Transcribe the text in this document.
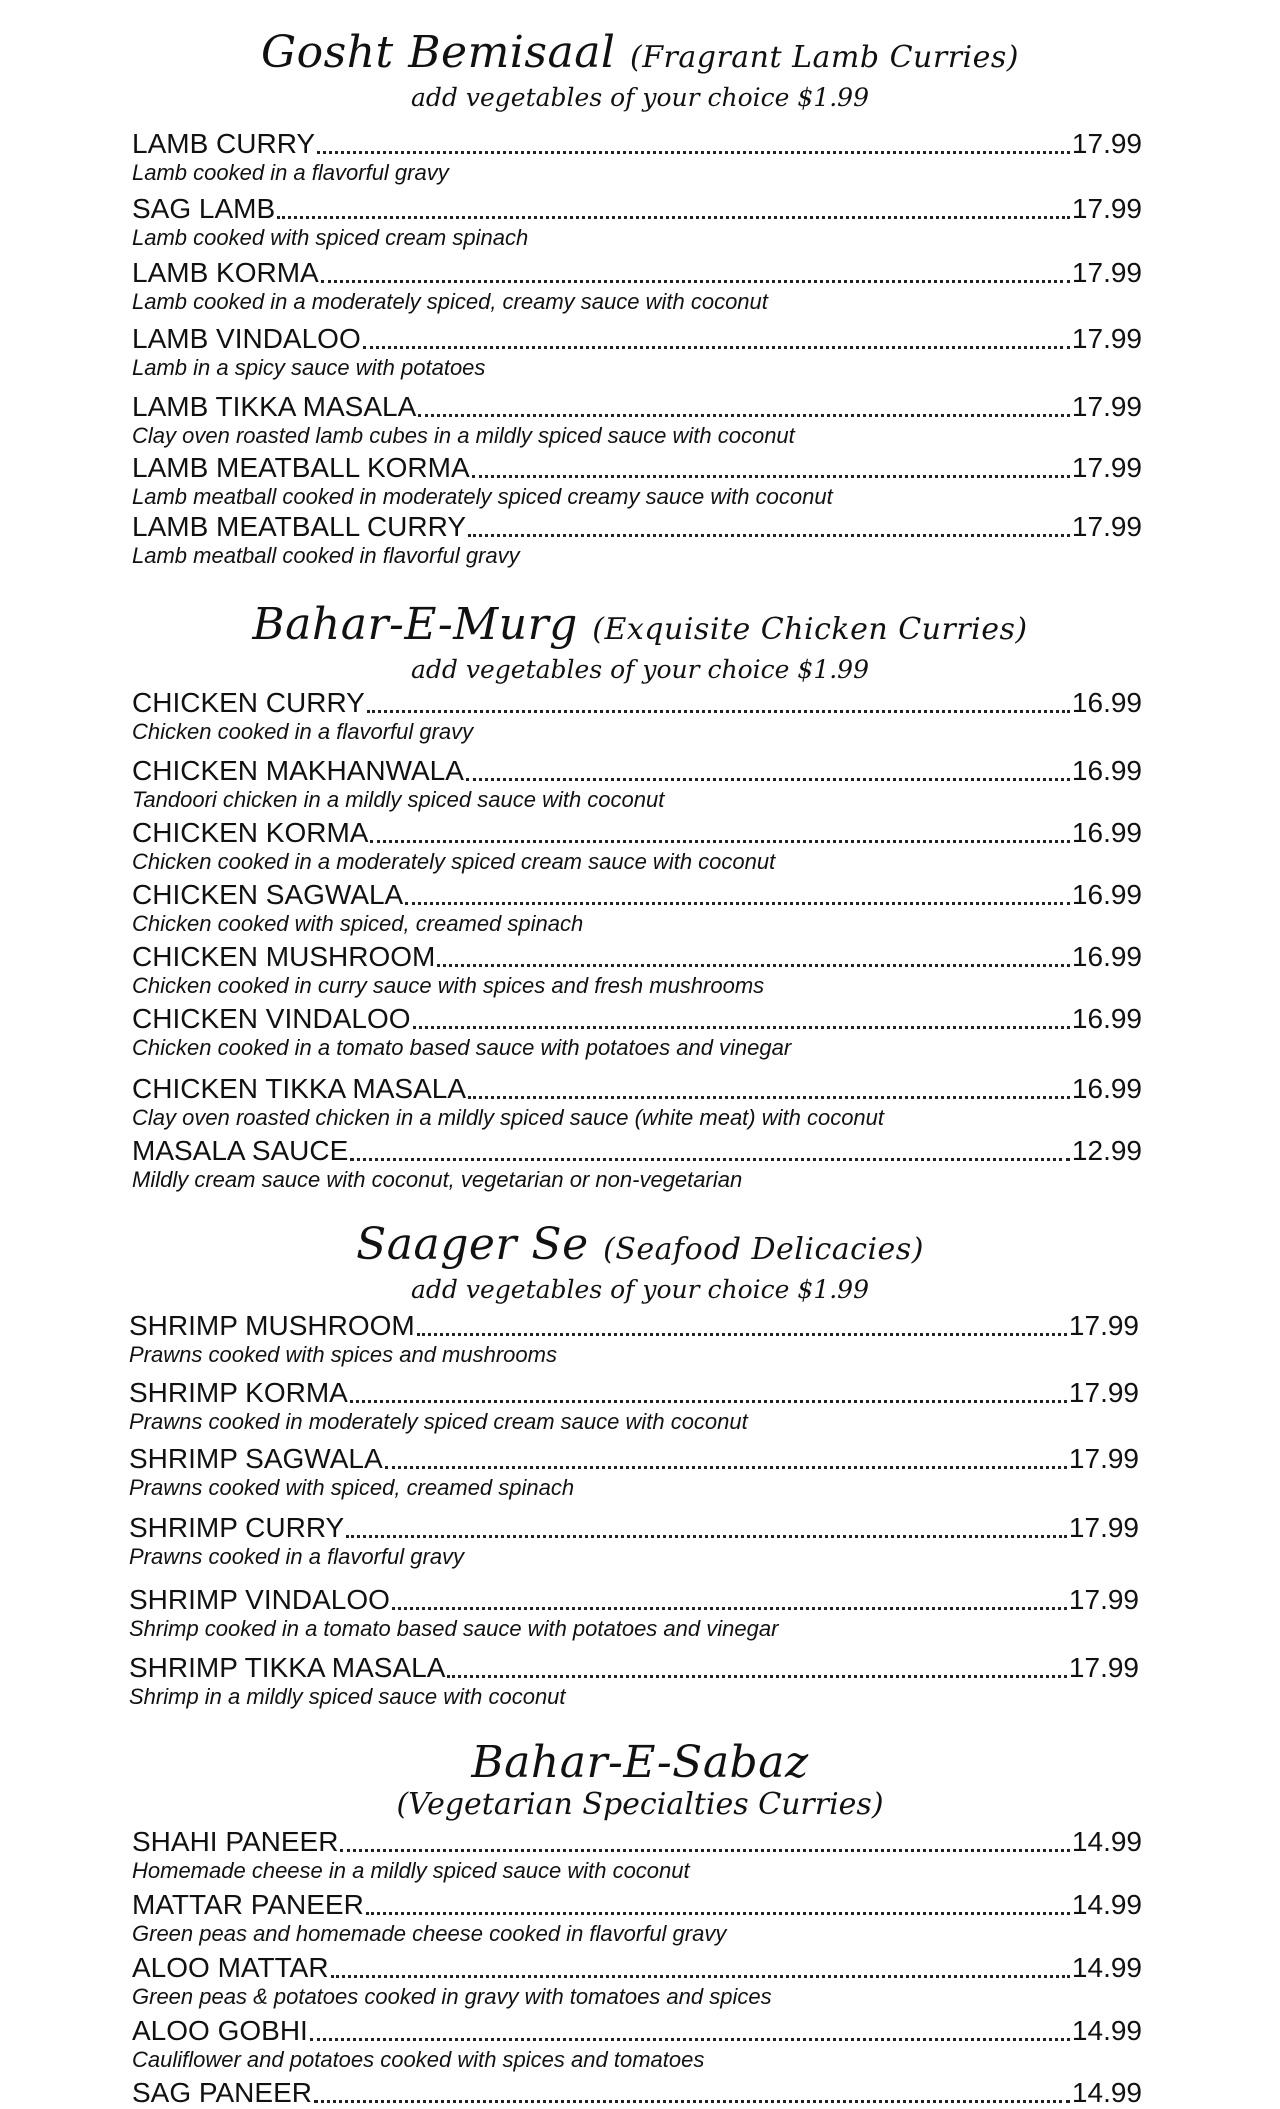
Gosht Bemisaal (Fragrant Lamb Curries)
add vegetables of your choice $1.99
LAMB CURRY	17.99
Lamb cooked in a flavorful gravy
SAG LAMB	17.99
Lamb cooked with spiced cream spinach
LAMB KORMA	17.99
Lamb cooked in a moderately spiced, creamy sauce with coconut
LAMB VINDALOO	17.99
Lamb in a spicy sauce with potatoes
LAMB TIKKA MASALA	17.99
Clay oven roasted lamb cubes in a mildly spiced sauce with coconut
LAMB MEATBALL KORMA	17.99
Lamb meatball cooked in moderately spiced creamy sauce with coconut
LAMB MEATBALL CURRY	17.99
Lamb meatball cooked in flavorful gravy
Bahar-E-Murg (Exquisite Chicken Curries)
add vegetables of your choice $1.99
CHICKEN CURRY	16.99
Chicken cooked in a flavorful gravy
CHICKEN MAKHANWALA	16.99
Tandoori chicken in a mildly spiced sauce with coconut
CHICKEN KORMA	16.99
Chicken cooked in a moderately spiced cream sauce with coconut
CHICKEN SAGWALA	16.99
Chicken cooked with spiced, creamed spinach
CHICKEN MUSHROOM	16.99
Chicken cooked in curry sauce with spices and fresh mushrooms
CHICKEN VINDALOO	16.99
Chicken cooked in a tomato based sauce with potatoes and vinegar
CHICKEN TIKKA MASALA	16.99
Clay oven roasted chicken in a mildly spiced sauce (white meat) with coconut
MASALA SAUCE	12.99
Mildly cream sauce with coconut, vegetarian or non-vegetarian
Saager Se (Seafood Delicacies)
add vegetables of your choice $1.99
SHRIMP MUSHROOM	17.99
Prawns cooked with spices and mushrooms
SHRIMP KORMA	17.99
Prawns cooked in moderately spiced cream sauce with coconut
SHRIMP SAGWALA	17.99
Prawns cooked with spiced, creamed spinach
SHRIMP CURRY	17.99
Prawns cooked in a flavorful gravy
SHRIMP VINDALOO	17.99
Shrimp cooked in a tomato based sauce with potatoes and vinegar
SHRIMP TIKKA MASALA	17.99
Shrimp in a mildly spiced sauce with coconut
Bahar-E-Sabaz
(Vegetarian Specialties Curries)
SHAHI PANEER	14.99
Homemade cheese in a mildly spiced sauce with coconut
MATTAR PANEER	14.99
Green peas and homemade cheese cooked in flavorful gravy
ALOO MATTAR	14.99
Green peas & potatoes cooked in gravy with tomatoes and spices
ALOO GOBHI	14.99
Cauliflower and potatoes cooked with spices and tomatoes
SAG PANEER	14.99
